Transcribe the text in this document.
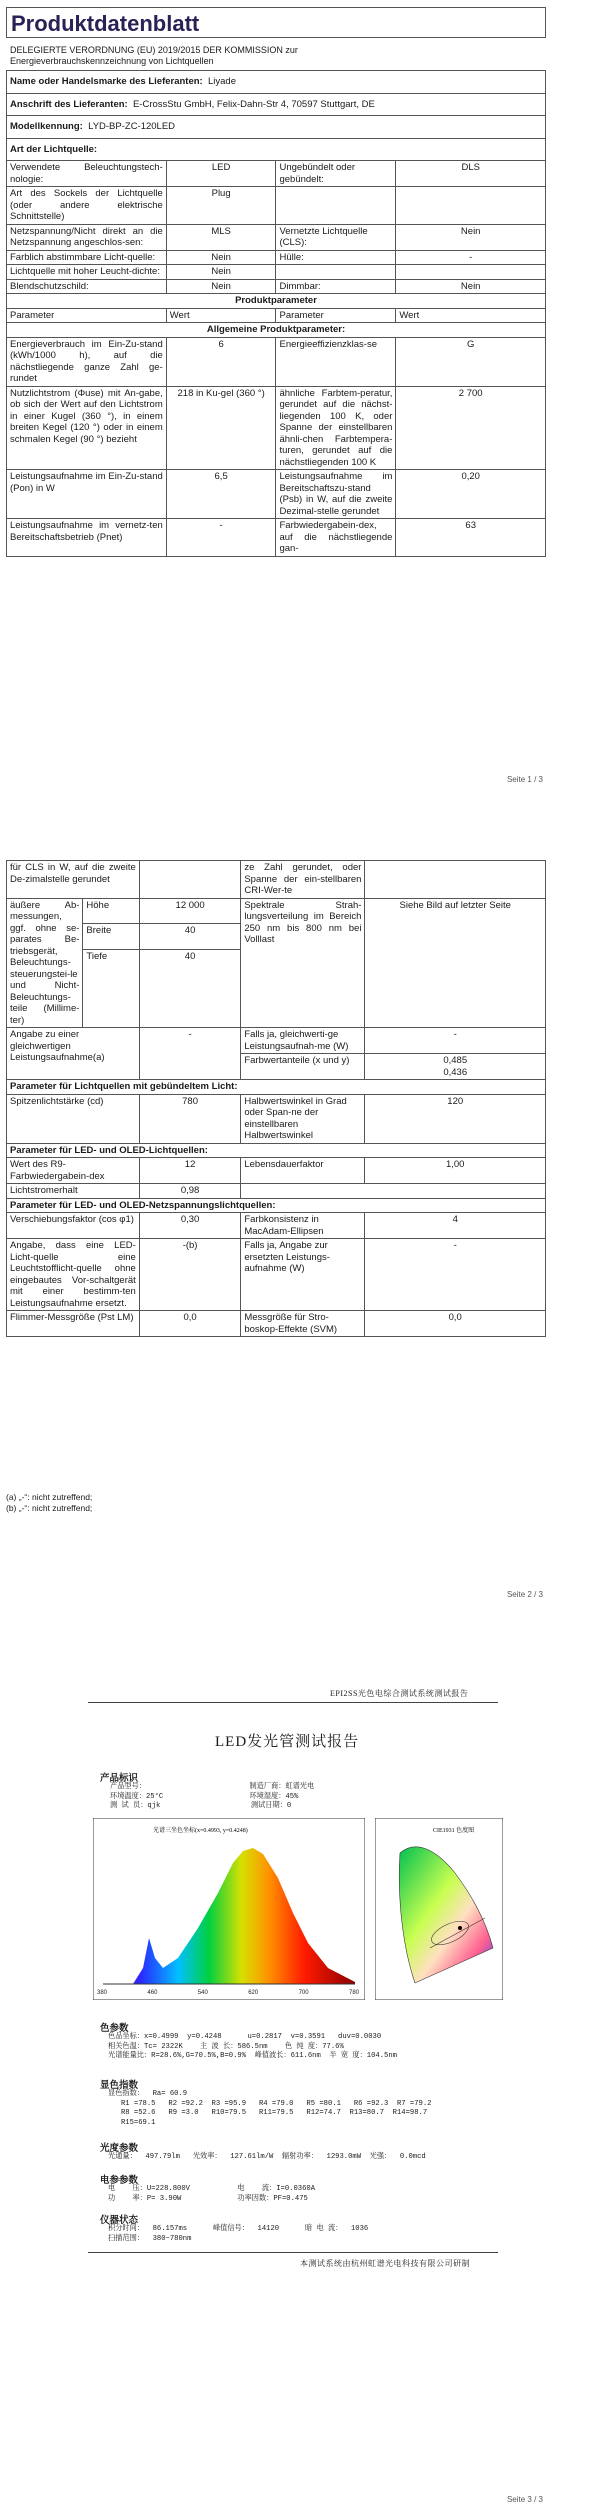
Produktdatenblatt
DELEGIERTE VERORDNUNG (EU) 2019/2015 DER KOMMISSION zur
Energieverbrauchskennzeichnung von Lichtquellen
Name oder Handelsmarke des Lieferanten: Liyade			
Anschrift des Lieferanten: E-CrossStu GmbH, Felix-Dahn-Str 4, 70597 Stuttgart, DE			
Modellkennung: LYD-BP-ZC-120LED			
Art der Lichtquelle:			
Verwendete Beleuchtungstech-nologie:	LED	Ungebündelt oder gebündelt:	DLS
Art des Sockels der Lichtquelle (oder andere elektrische Schnittstelle)	Plug		
Netzspannung/Nicht direkt an die Netzspannung angeschlos-sen:	MLS	Vernetzte Lichtquelle (CLS):	Nein
Farblich abstimmbare Licht-quelle:	Nein	Hülle:	-
Lichtquelle mit hoher Leucht-dichte:	Nein		
Blendschutzschild:	Nein	Dimmbar:	Nein
Produktparameter			
Parameter	Wert	Parameter	Wert
Allgemeine Produktparameter:			
Energieverbrauch im Ein-Zu-stand (kWh/1000 h), auf die nächstliegende ganze Zahl ge-rundet	6	Energieeffizienzklas-se	G
Nutzlichtstrom (Φuse) mit An-gabe, ob sich der Wert auf den Lichtstrom in einer Kugel (360 °), in einem breiten Kegel (120 °) oder in einem schmalen Kegel (90 °) bezieht	218 in Ku-gel (360 °)	ähnliche Farbtem-peratur, gerundet auf die nächst-liegenden 100 K, oder Spanne der einstellbaren ähnli-chen Farbtempera-turen, gerundet auf die nächstliegenden 100 K	2 700
Leistungsaufnahme im Ein-Zu-stand (Pon) in W	6,5	Leistungsaufnahme im Bereitschaftszu-stand (Psb) in W, auf die zweite Dezimal-stelle gerundet	0,20
Leistungsaufnahme im vernetz-ten Bereitschaftsbetrieb (Pnet)	-	Farbwiedergabein-dex, auf die nächstliegende gan-	63
Seite 1 / 3
für CLS in W, auf die zweite De-zimalstelle gerundet			ze Zahl gerundet, oder Spanne der ein-stellbaren CRI-Wer-te	
äußere Ab-messungen, ggf. ohne se-parates Be-triebsgerät, Beleuchtungs-steuerungstei-le und Nicht-Beleuchtungs-teile (Millime-ter)	Höhe	12 000	Spektrale Strah-lungsverteilung im Bereich 250 nm bis 800 nm bei Volllast	Siehe Bild auf letzter Seite
	Breite	40		
	Tiefe	40		
Angabe zu einer gleichwertigen Leistungsaufnahme(a)		-	Falls ja, gleichwerti-ge Leistungsaufnah-me (W)	-
			Farbwertanteile (x und y)	0,485
0,436

Parameter für Lichtquellen mit gebündeltem Licht:				
Spitzenlichtstärke (cd)		780	Halbwertswinkel in Grad oder Span-ne der einstellbaren Halbwertswinkel	120
Parameter für LED- und OLED-Lichtquellen:				
Wert des R9-Farbwiedergabein-dex		12	Lebensdauerfaktor	1,00
Lichtstromerhalt		0,98		
Parameter für LED- und OLED-Netzspannungslichtquellen:				
Verschiebungsfaktor (cos φ1)		0,30	Farbkonsistenz in MacAdam-Ellipsen	4
Angabe, dass eine LED-Licht-quelle eine Leuchtstofflicht-quelle ohne eingebautes Vor-schaltgerät mit einer bestimm-ten Leistungsaufnahme ersetzt.		-(b)	Falls ja, Angabe zur ersetzten Leistungs-aufnahme (W)	-
Flimmer-Messgröße (Pst LM)		0,0	Messgröße für Stro-boskop-Effekte (SVM)	0,0
(a) „-“: nicht zutreffend;
(b) „-“: nicht zutreffend;
Seite 2 / 3
EPI2SS光色电综合测试系统测试报告
LED发光管测试报告
产品标识
产品型号：                        制造厂商：虹谱光电
环境温度：25°C                    环境湿度：45%
测 试 员：qjk                     测试日期：0
光谱三坐色坐标(x=0.4993, y=0.4248)
380	460	540	620	700	780
CIE1931 色度图
色参数
色品坐标：x=0.4999  y=0.4248      u=0.2817  v=0.3591   duv=0.0030
相关色温：Tc= 2322K    主 波 长：586.5nm    色 纯 度：77.6%
光谱能量比：R=28.6%,G=70.5%,B=0.9%  峰值波长：611.6nm  半 宽 度：104.5nm
显色指数
显色指数：  Ra= 60.9
R1 =78.5   R2 =92.2  R3 =95.9   R4 =79.0   R5 =80.1   R6 =92.3  R7 =79.2
R8 =52.6   R9 =3.0   R10=79.5   R11=79.5   R12=74.7  R13=80.7  R14=98.7
R15=69.1
光度参数
光通量：  497.79lm   光效率：  127.61lm/W  辐射功率：  1293.0mW  光强：  0.0mcd
电参参数
电    压：U=228.800V           电    流：I=0.0360A
功    率：P= 3.90W             功率因数：PF=0.475
仪器状态
积分时间：  86.157ms      峰值信号：  14120      暗 电 流：  1036
扫描范围：  380~780nm
本测试系统由杭州虹谱光电科技有限公司研制
Seite 3 / 3
